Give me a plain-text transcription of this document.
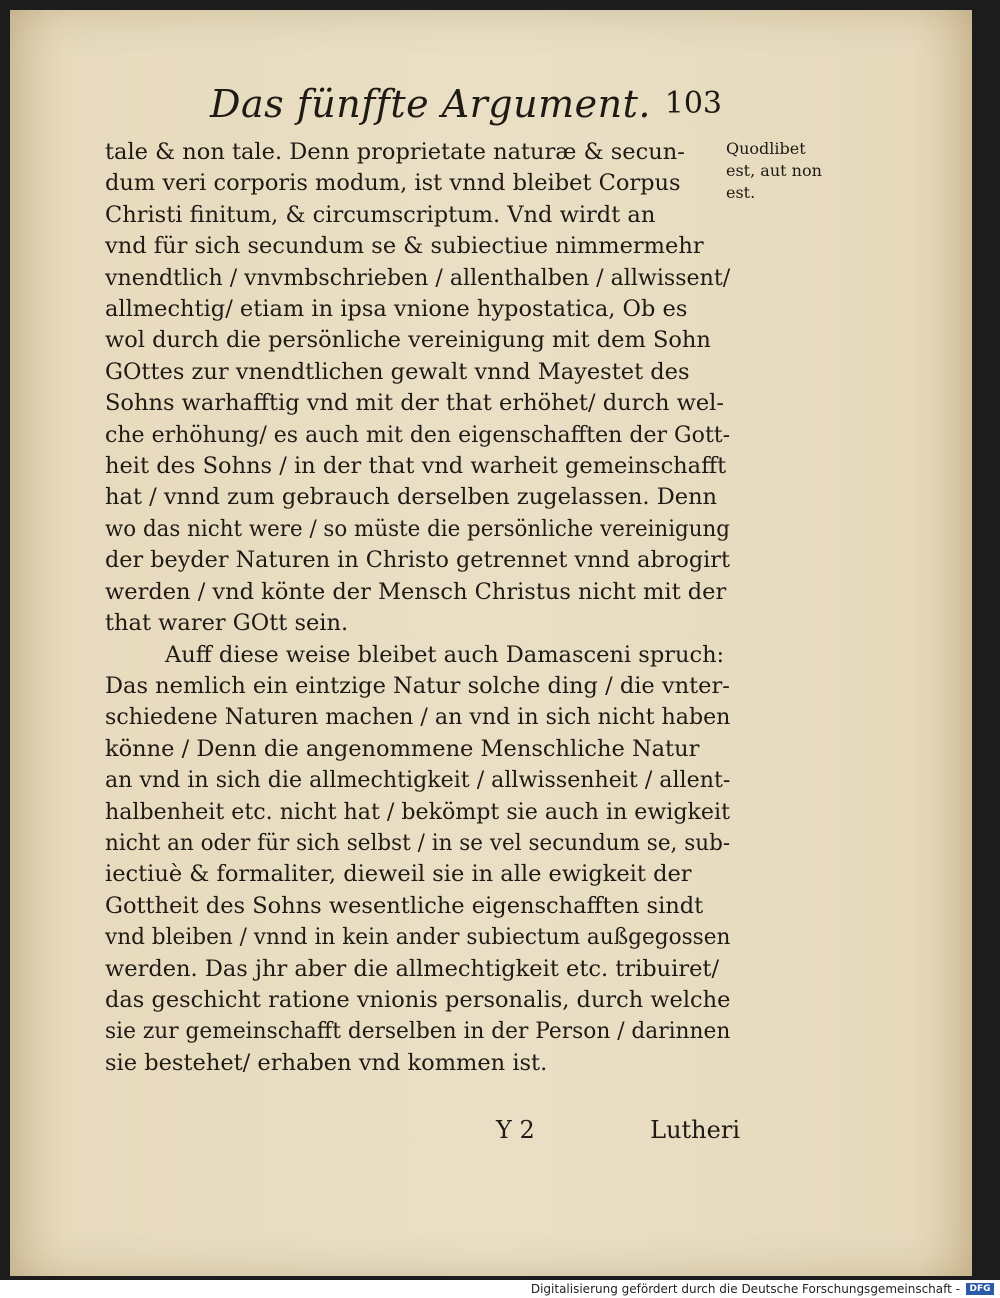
Das fünffte Argument. 103
tale & non tale. Denn proprietate naturæ & secun-
dum veri corporis modum, ist vnnd bleibet Corpus
Christi finitum, & circumscriptum. Vnd wirdt an
vnd für sich secundum se & subiectiue nimmermehr
vnendtlich / vnvmbschrieben / allenthalben / allwissent/
allmechtig/ etiam in ipsa vnione hypostatica, Ob es
wol durch die persönliche vereinigung mit dem Sohn
GOttes zur vnendtlichen gewalt vnnd Mayestet des
Sohns warhafftig vnd mit der that erhöhet/ durch wel-
che erhöhung/ es auch mit den eigenschafften der Gott-
heit des Sohns / in der that vnd warheit gemeinschafft
hat / vnnd zum gebrauch derselben zugelassen. Denn
wo das nicht were / so müste die persönliche vereinigung
der beyder Naturen in Christo getrennet vnnd abrogirt
werden / vnd könte der Mensch Christus nicht mit der
that warer GOtt sein.
Auff diese weise bleibet auch Damasceni spruch:
Das nemlich ein eintzige Natur solche ding / die vnter-
schiedene Naturen machen / an vnd in sich nicht haben
könne / Denn die angenommene Menschliche Natur
an vnd in sich die allmechtigkeit / allwissenheit / allent-
halbenheit etc. nicht hat / bekömpt sie auch in ewigkeit
nicht an oder für sich selbst / in se vel secundum se, sub-
iectiuè & formaliter, dieweil sie in alle ewigkeit der
Gottheit des Sohns wesentliche eigenschafften sindt
vnd bleiben / vnnd in kein ander subiectum außgegossen
werden. Das jhr aber die allmechtigkeit etc. tribuiret/
das geschicht ratione vnionis personalis, durch welche
sie zur gemeinschafft derselben in der Person / darinnen
sie bestehet/ erhaben vnd kommen ist.
Quodlibet
est, aut non
est.
Y 2	Lutheri
Digitalisierung gefördert durch die Deutsche Forschungsgemeinschaft -	DFG
